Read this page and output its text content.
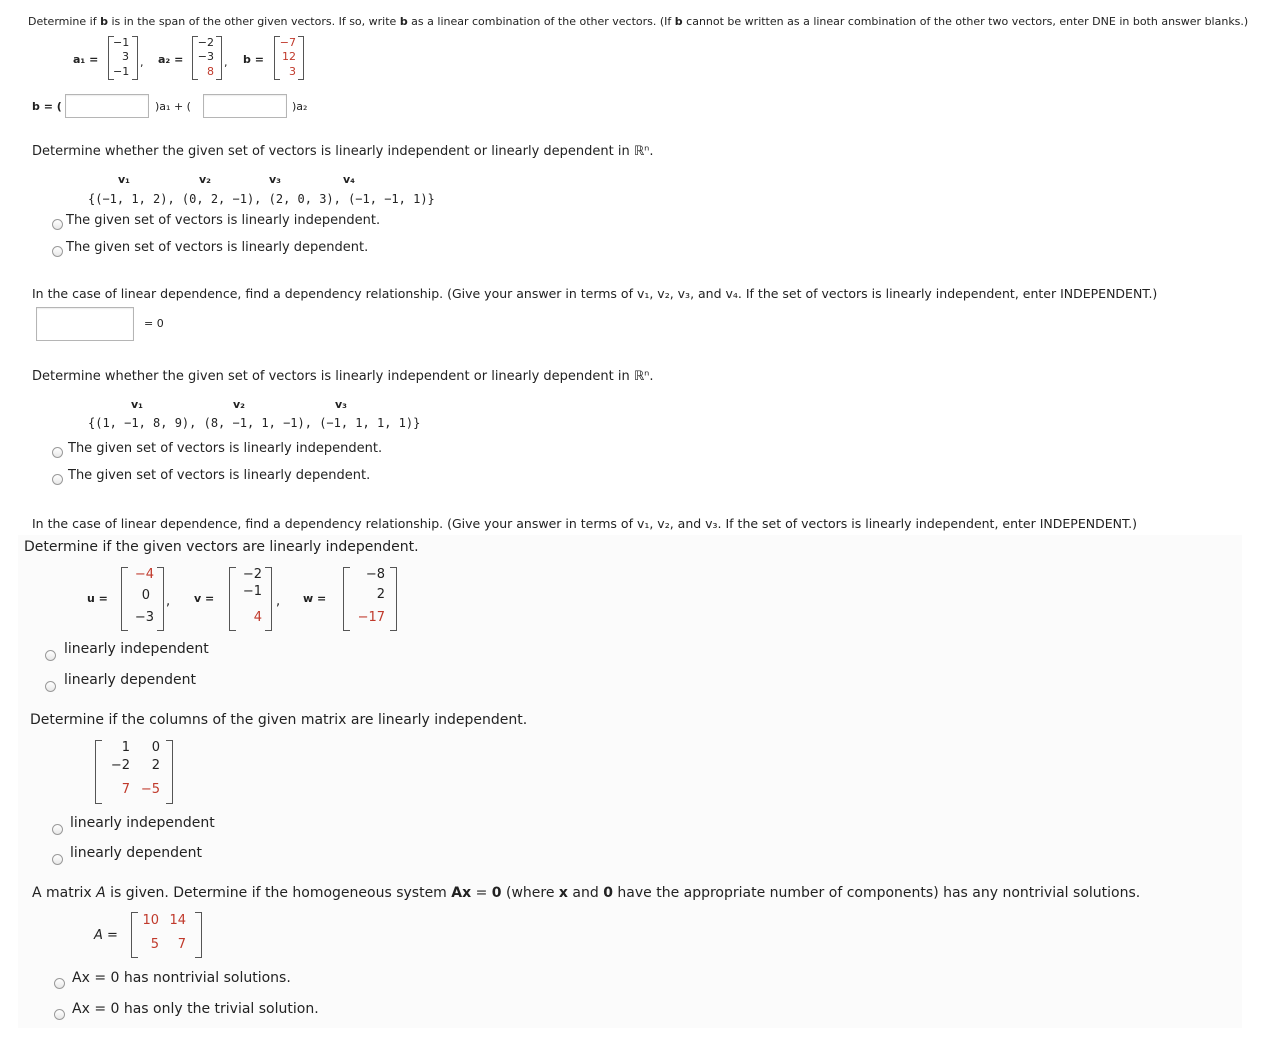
Determine if b is in the span of the other given vectors. If so, write b as a linear combination of the other vectors. (If b cannot be written as a linear combination of the other two vectors, enter DNE in both answer blanks.)
a₁ =
−1
3
−1
, a₂ =
−2
−3
8
, b =
−7
12
3
b = (	)a₁ + (	)a₂
Determine whether the given set of vectors is linearly independent or linearly dependent in ℝⁿ.
v₁	v₂	v₃	v₄
{(−1, 1, 2), (0, 2, −1), (2, 0, 3), (−1, −1, 1)}
The given set of vectors is linearly independent.
The given set of vectors is linearly dependent.
In the case of linear dependence, find a dependency relationship. (Give your answer in terms of v₁, v₂, v₃, and v₄. If the set of vectors is linearly independent, enter INDEPENDENT.)
= 0
Determine whether the given set of vectors is linearly independent or linearly dependent in ℝⁿ.
v₁	v₂	v₃
{(1, −1, 8, 9), (8, −1, 1, −1), (−1, 1, 1, 1)}
The given set of vectors is linearly independent.
The given set of vectors is linearly dependent.
In the case of linear dependence, find a dependency relationship. (Give your answer in terms of v₁, v₂, and v₃. If the set of vectors is linearly independent, enter INDEPENDENT.)
Determine if the given vectors are linearly independent.
u =
−4
0
−3
, v =
−2
−1
4
, w =
−8
2
−17
linearly independent
linearly dependent
Determine if the columns of the given matrix are linearly independent.
1	0
−2	2
7 −5
linearly independent
linearly dependent
A matrix A is given. Determine if the homogeneous system Ax = 0 (where x and 0 have the appropriate number of components) has any nontrivial solutions.
A =
10 14
5	7
Ax = 0 has nontrivial solutions.
Ax = 0 has only the trivial solution.
